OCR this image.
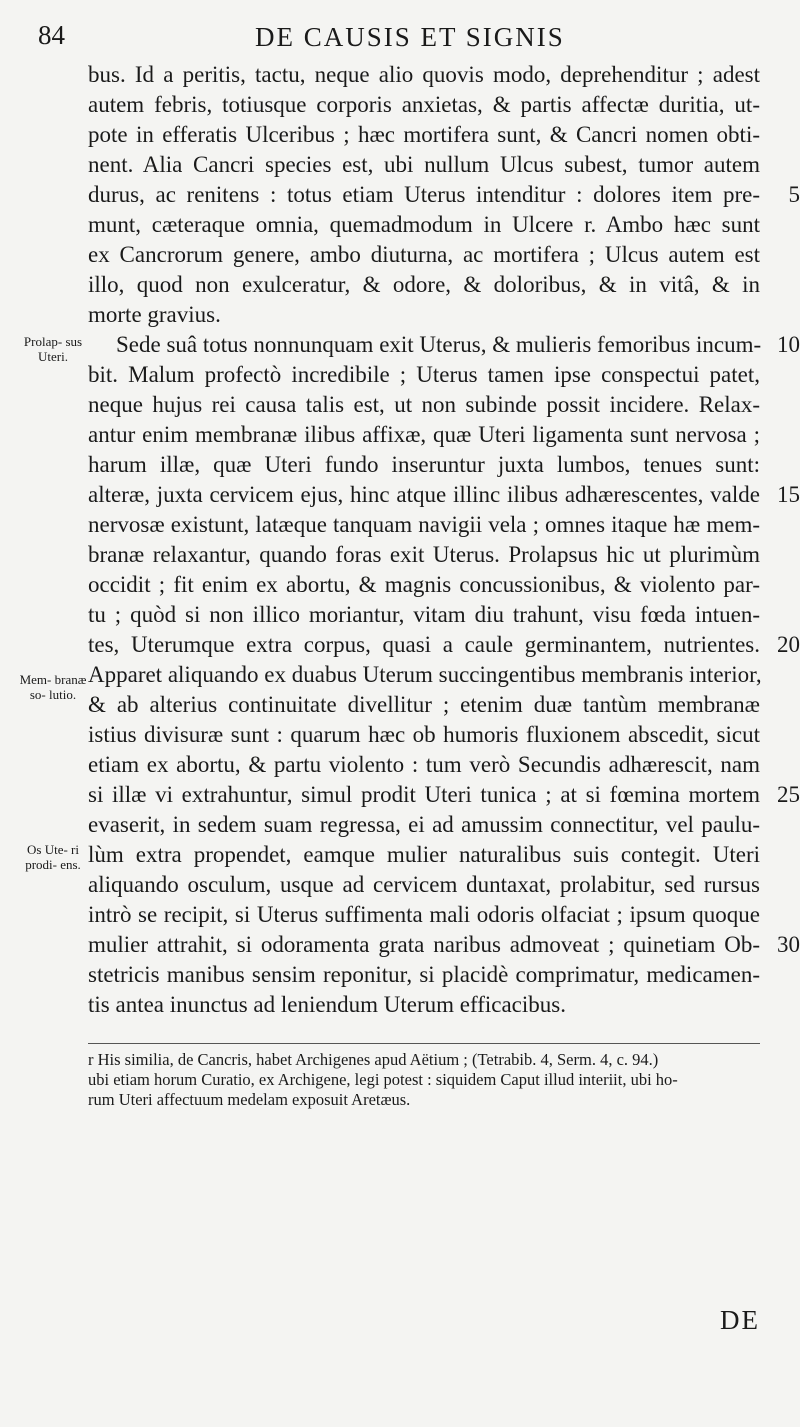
84	DE CAUSIS ET SIGNIS
bus. Id a peritis, tactu, neque alio quovis modo, deprehenditur ; adest
autem febris, totiusque corporis anxietas, & partis affectæ duritia, ut-
pote in efferatis Ulceribus ; hæc mortifera sunt, & Cancri nomen obti-
nent. Alia Cancri species est, ubi nullum Ulcus subest, tumor autem
durus, ac renitens : totus etiam Uterus intenditur : dolores item pre- 5
munt, cæteraque omnia, quemadmodum in Ulcere r. Ambo hæc sunt
ex Cancrorum genere, ambo diuturna, ac mortifera ; Ulcus autem est
illo, quod non exulceratur, & odore, & doloribus, & in vitâ, & in
morte gravius.
Sede suâ totus nonnunquam exit Uterus, & mulieris femoribus incum- 10
bit. Malum profectò incredibile ; Uterus tamen ipse conspectui patet,
neque hujus rei causa talis est, ut non subinde possit incidere. Relax-
antur enim membranæ ilibus affixæ, quæ Uteri ligamenta sunt nervosa ;
harum illæ, quæ Uteri fundo inseruntur juxta lumbos, tenues sunt:
alteræ, juxta cervicem ejus, hinc atque illinc ilibus adhærescentes, valde 15
nervosæ existunt, latæque tanquam navigii vela ; omnes itaque hæ mem-
branæ relaxantur, quando foras exit Uterus. Prolapsus hic ut plurimùm
occidit ; fit enim ex abortu, & magnis concussionibus, & violento par-
tu ; quòd si non illico moriantur, vitam diu trahunt, visu fœda intuen-
tes, Uterumque extra corpus, quasi a caule germinantem, nutrientes. 20
Apparet aliquando ex duabus Uterum succingentibus membranis interior,
& ab alterius continuitate divellitur ; etenim duæ tantùm membranæ
istius divisuræ sunt : quarum hæc ob humoris fluxionem abscedit, sicut
etiam ex abortu, & partu violento : tum verò Secundis adhærescit, nam
si illæ vi extrahuntur, simul prodit Uteri tunica ; at si fœmina mortem 25
evaserit, in sedem suam regressa, ei ad amussim connectitur, vel paulu-
lùm extra propendet, eamque mulier naturalibus suis contegit. Uteri
aliquando osculum, usque ad cervicem duntaxat, prolabitur, sed rursus
intrò se recipit, si Uterus suffimenta mali odoris olfaciat ; ipsum quoque
mulier attrahit, si odoramenta grata naribus admoveat ; quinetiam Ob- 30
stetricis manibus sensim reponitur, si placidè comprimatur, medicamen-
tis antea inunctus ad leniendum Uterum efficacibus.
Prolap- sus Uteri.
Mem- branæ so- lutio.
Os Ute- ri prodi- ens.
r His similia, de Cancris, habet Archigenes apud Aëtium ; (Tetrabib. 4, Serm. 4, c. 94.)
ubi etiam horum Curatio, ex Archigene, legi potest : siquidem Caput illud interiit, ubi ho-
rum Uteri affectuum medelam exposuit Aretæus.
DE
